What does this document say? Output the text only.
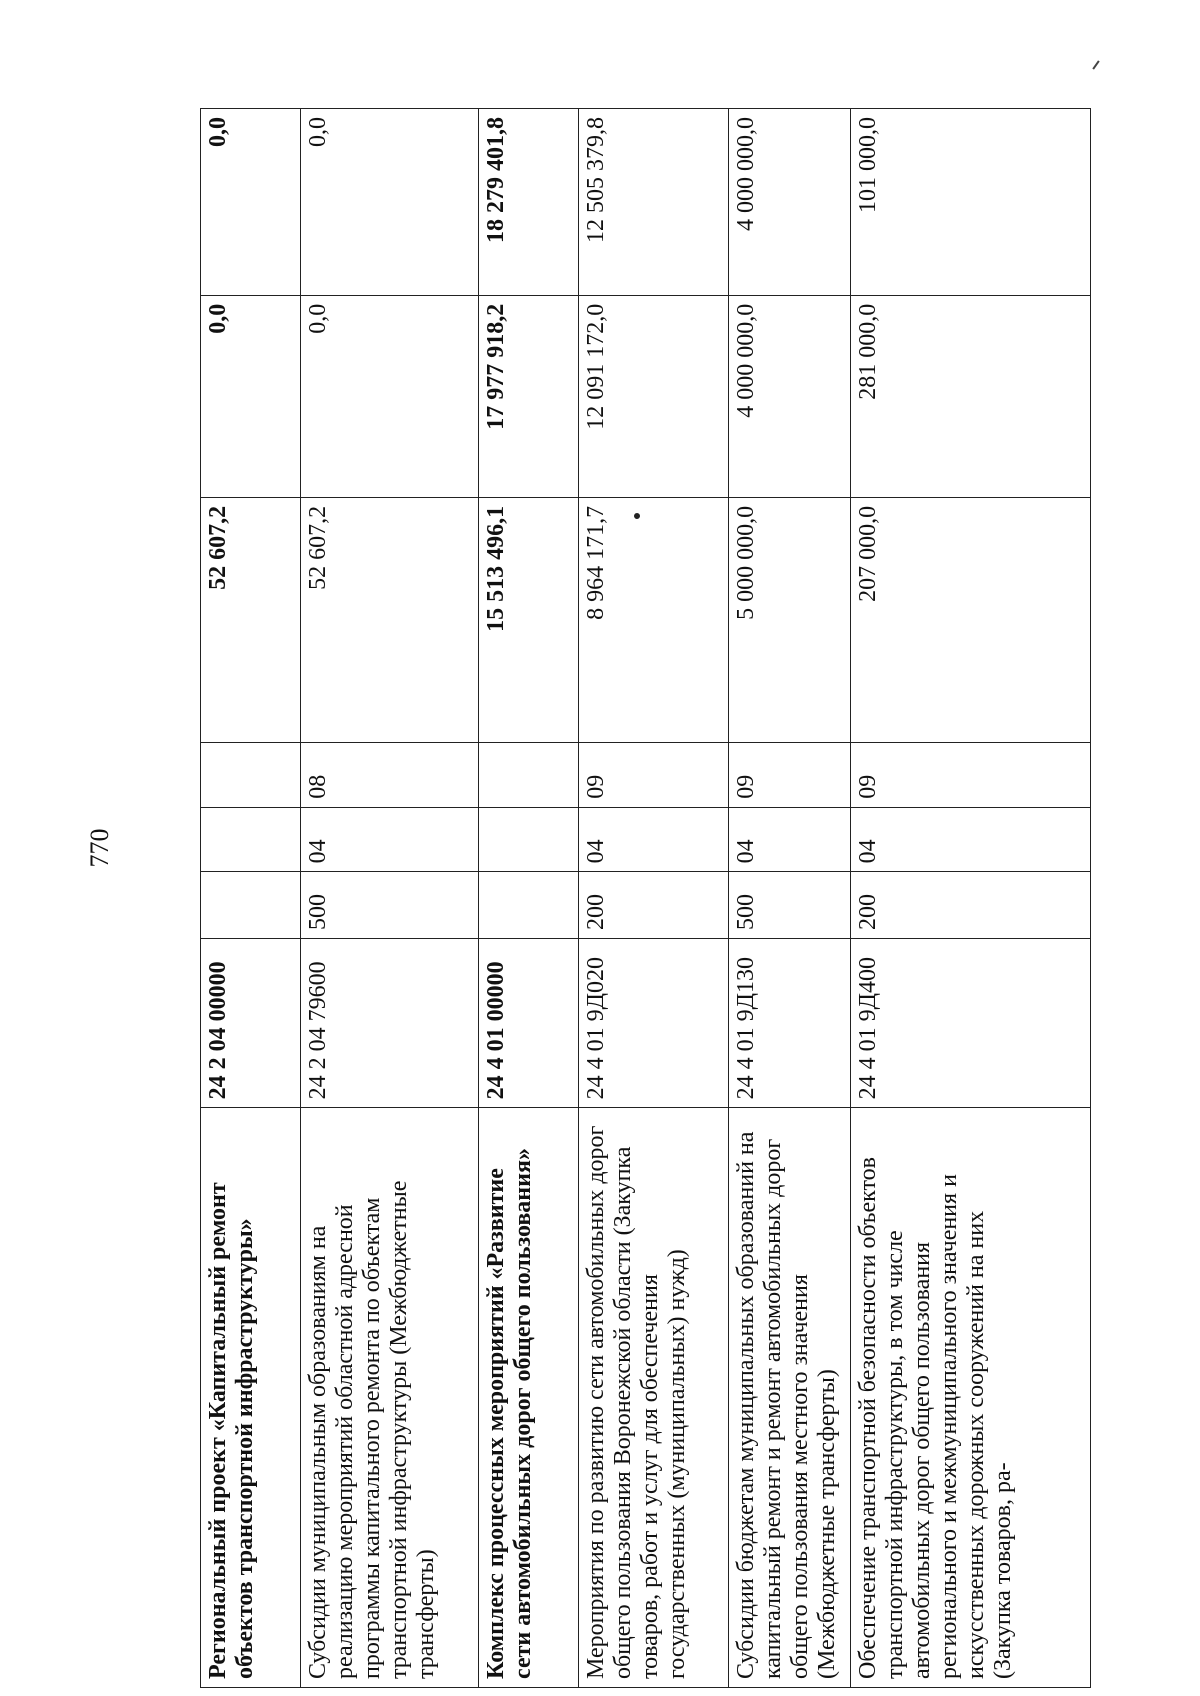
770
Региональный проект «Капитальный ремонт объектов транспортной инфраструктуры»	24 2 04 00000				52 607,2	0,0	0,0
Субсидии муниципальным образованиям на реализацию мероприятий областной адресной программы капитального ремонта по объектам транспортной инфраструктуры (Межбюджетные трансферты)	24 2 04 79600	500	04	08	52 607,2	0,0	0,0
Комплекс процессных мероприятий «Развитие сети автомобильных дорог общего пользования»	24 4 01 00000				15 513 496,1	17 977 918,2	18 279 401,8
Мероприятия по развитию сети автомобильных дорог общего пользования Воронежской области (Закупка товаров, работ и услуг для обеспечения государственных (муниципальных) нужд)	24 4 01 9Д020	200	04	09	8 964 171,7	12 091 172,0	12 505 379,8
Субсидии бюджетам муниципальных образований на капитальный ремонт и ремонт автомобильных дорог общего пользования местного значения (Межбюджетные трансферты)	24 4 01 9Д130	500	04	09	5 000 000,0	4 000 000,0	4 000 000,0
Обеспечение транспортной безопасности объектов транспортной инфраструктуры, в том числе автомобильных дорог общего пользования регионального и межмуниципального значения и искусственных дорожных сооружений на них (Закупка товаров, ра-	24 4 01 9Д400	200	04	09	207 000,0	281 000,0	101 000,0
